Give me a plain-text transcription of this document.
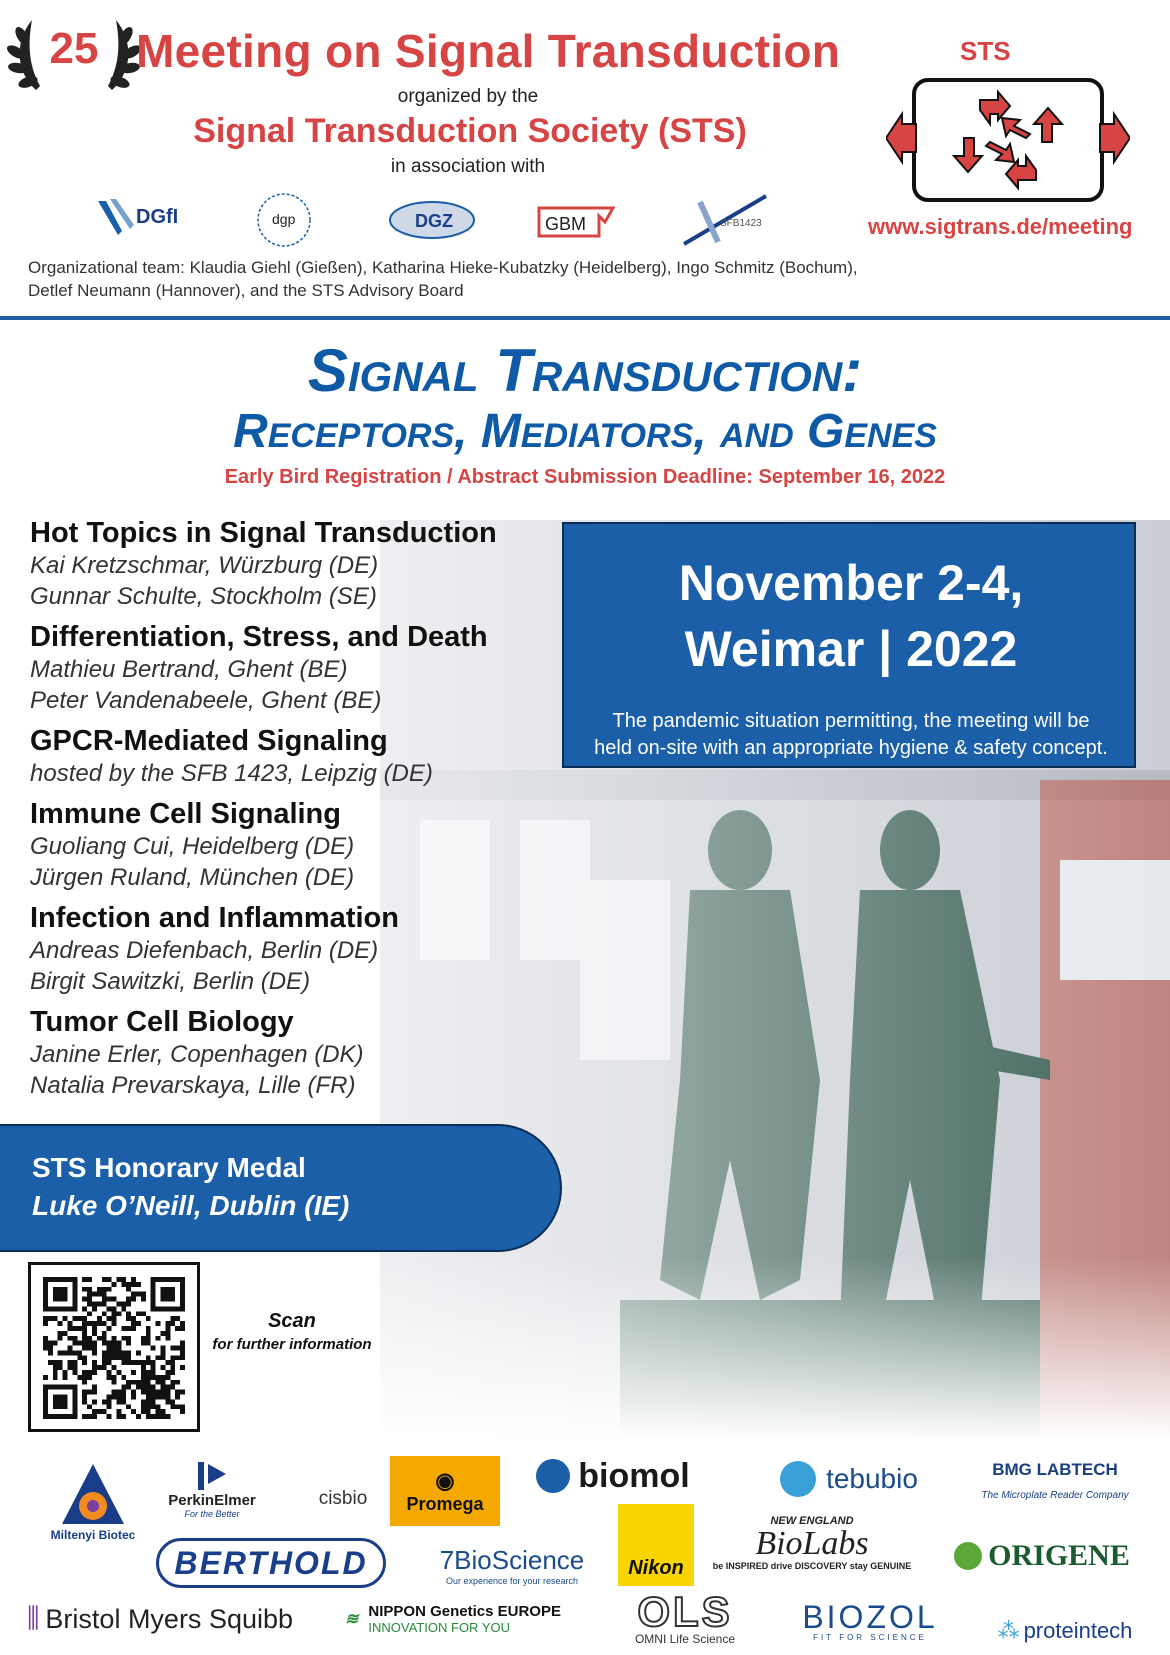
25 Meeting on Signal Transduction
organized by the
Signal Transduction Society (STS)
in association with
STS
www.sigtrans.de/meeting
DGfI	dgp	DGZ	GBM	SFB1423
Organizational team: Klaudia Giehl (Gießen), Katharina Hieke-Kubatzky (Heidelberg), Ingo Schmitz (Bochum),
Detlef Neumann (Hannover), and the STS Advisory Board
Signal Transduction:
Receptors, Mediators, and Genes
Early Bird Registration / Abstract Submission Deadline: September 16, 2022
Hot Topics in Signal Transduction
Kai Kretzschmar, Würzburg (DE)
Gunnar Schulte, Stockholm (SE)
Differentiation, Stress, and Death
Mathieu Bertrand, Ghent (BE)
Peter Vandenabeele, Ghent (BE)
GPCR-Mediated Signaling
hosted by the SFB 1423, Leipzig (DE)
Immune Cell Signaling
Guoliang Cui, Heidelberg (DE)
Jürgen Ruland, München (DE)
Infection and Inflammation
Andreas Diefenbach, Berlin (DE)
Birgit Sawitzki, Berlin (DE)
Tumor Cell Biology
Janine Erler, Copenhagen (DK)
Natalia Prevarskaya, Lille (FR)
November 2-4,
Weimar | 2022
The pandemic situation permitting, the meeting will be
held on-site with an appropriate hygiene & safety concept.
STS Honorary Medal
Luke O’Neill, Dublin (IE)
Scan
for further information
Miltenyi Biotec
PerkinElmer
For the Better
cisbio
◉
Promega
biomol	tebubio	BMG LABTECH
The Microplate Reader Company
BERTHOLD	7BioScience
Our experience for your research
Nikon
NEW ENGLAND
BioLabs
be INSPIRED drive DISCOVERY stay GENUINE	ORIGENE
⫼ Bristol Myers Squibb	≋ NIPPON Genetics EUROPE
INNOVATION FOR YOU	OLS
OMNI Life Science
BIOZOL
FIT FOR SCIENCE	⁂ proteintech
